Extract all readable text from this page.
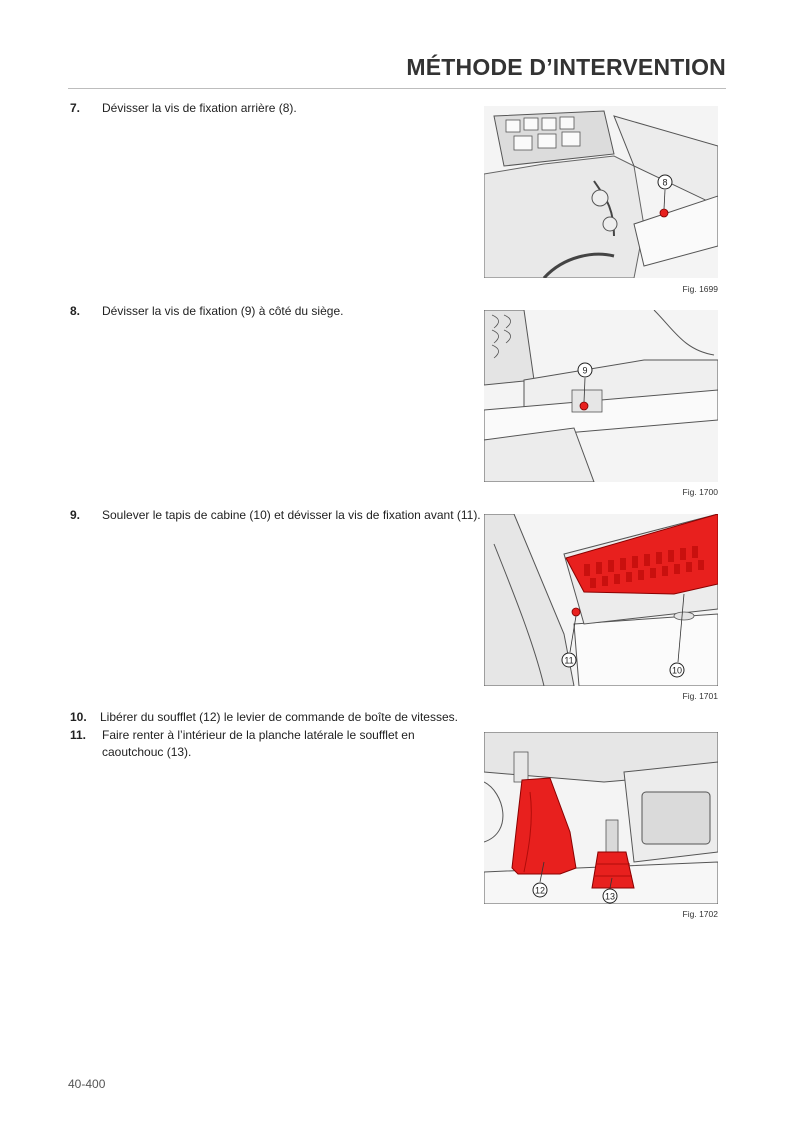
MÉTHODE D’INTERVENTION
7. Dévisser la vis de fixation arrière (8).
8. Dévisser la vis de fixation (9) à côté du siège.
9. Soulever le tapis de cabine (10) et dévisser la vis de fixation avant (11).
10. Libérer du soufflet (12) le levier de commande de boîte de vitesses.
11. Faire renter à l’intérieur de la planche latérale le soufflet en caoutchouc (13).
8
Fig. 1699
9
Fig. 1700
11
10
Fig. 1701
12
13
Fig. 1702
40-400
